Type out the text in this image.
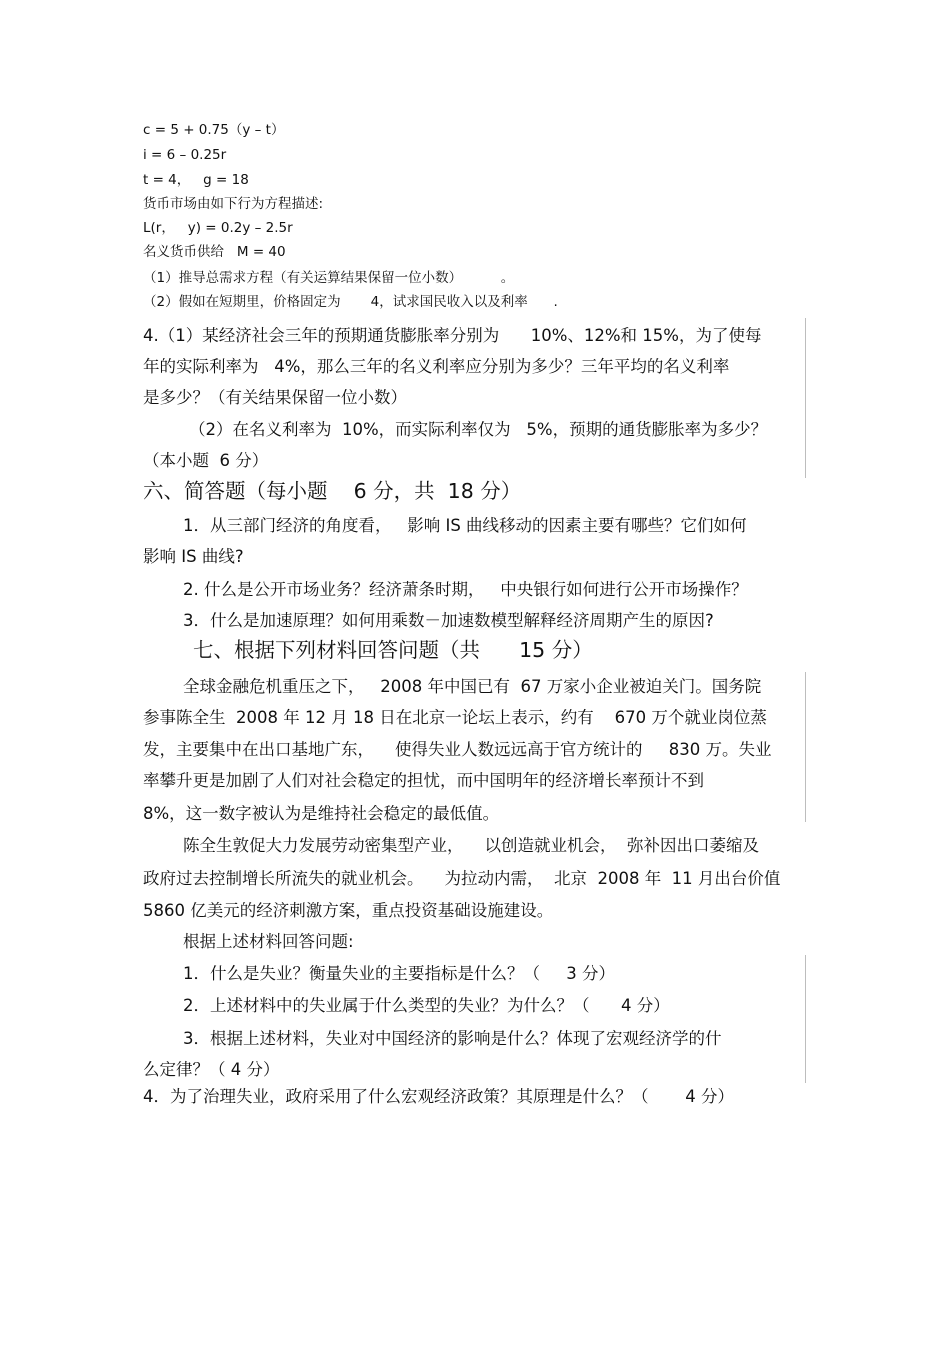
c = 5 + 0.75（y – t）
i = 6 – 0.25r
t = 4，   g = 18
货币市场由如下行为方程描述:
L(r，   y) = 0.2y – 2.5r
名义货币供给   M = 40
（1）推导总需求方程（有关运算结果保留一位小数）         。
（2）假如在短期里，价格固定为       4，试求国民收入以及利率      .
4.（1）某经济社会三年的预期通货膨胀率分别为      10%、12%和 15%，为了使每
年的实际利率为   4%，那么三年的名义利率应分别为多少？三年平均的名义利率
是多少？（有关结果保留一位小数）
（2）在名义利率为  10%，而实际利率仅为   5%，预期的通货膨胀率为多少？
（本小题  6 分）
六、简答题（每小题    6 分，共  18 分）
1．从三部门经济的角度看，   影响 IS 曲线移动的因素主要有哪些？它们如何
影响 IS 曲线?
2. 什么是公开市场业务？经济萧条时期，   中央银行如何进行公开市场操作？
3．什么是加速原理？如何用乘数－加速数模型解释经济周期产生的原因?
七、根据下列材料回答问题（共      15 分）
全球金融危机重压之下，   2008 年中国已有  67 万家小企业被迫关门。国务院
参事陈全生  2008 年 12 月 18 日在北京一论坛上表示，约有    670 万个就业岗位蒸
发，主要集中在出口基地广东，    使得失业人数远远高于官方统计的     830 万。失业
率攀升更是加剧了人们对社会稳定的担忧，而中国明年的经济增长率预计不到
8%，这一数字被认为是维持社会稳定的最低值。
陈全生敦促大力发展劳动密集型产业，    以创造就业机会，  弥补因出口萎缩及
政府过去控制增长所流失的就业机会。    为拉动内需，  北京  2008 年  11 月出台价值
5860 亿美元的经济刺激方案，重点投资基础设施建设。
根据上述材料回答问题:
1．什么是失业？衡量失业的主要指标是什么？（     3 分）
2．上述材料中的失业属于什么类型的失业？为什么？（      4 分）
3．根据上述材料，失业对中国经济的影响是什么？体现了宏观经济学的什
么定律？（ 4 分）
4．为了治理失业，政府采用了什么宏观经济政策？其原理是什么？（       4 分）
